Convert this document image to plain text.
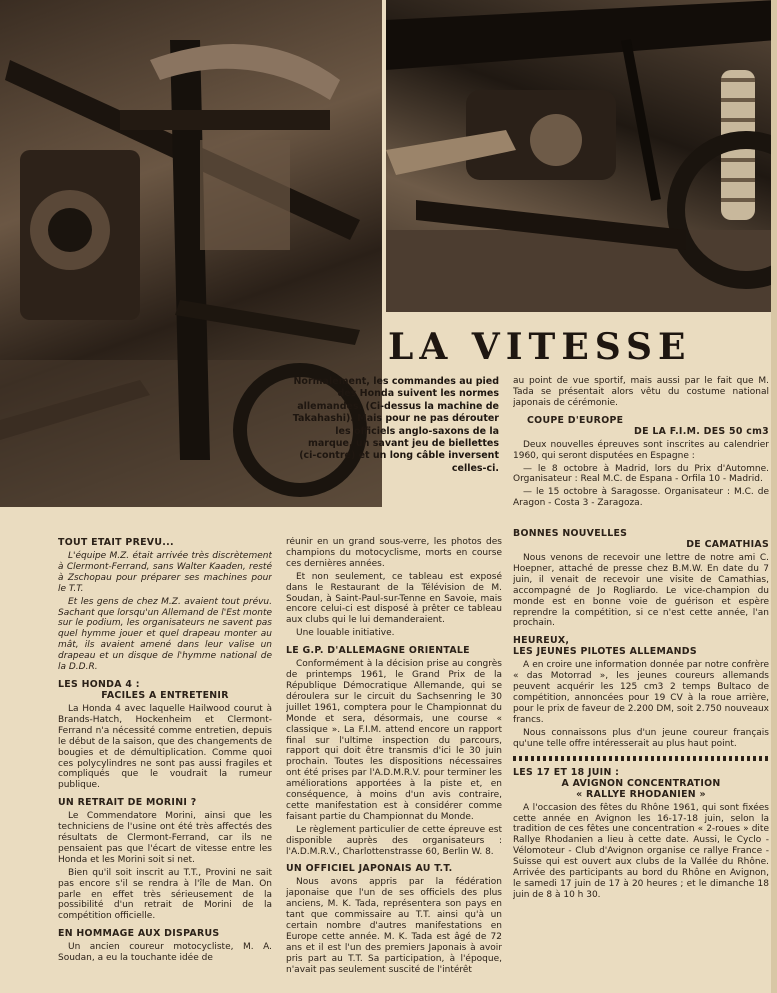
LA VITESSE
Normalement, les commandes au pied des Honda suivent les normes allemandes. (Ci-dessus la machine de Takahashi). Mais pour ne pas dérouter les officiels anglo-saxons de la marque, un savant jeu de biellettes (ci-contre) et un long câble inversent celles-ci.

au point de vue sportif, mais aussi par le fait que M. Tada se présentait alors vêtu du costume national japonais de cérémonie.

COUPE D'EUROPE
DE LA F.I.M. DES 50 cm3

Deux nouvelles épreuves sont inscrites au calendrier 1960, qui seront disputées en Espagne :

— le 8 octobre à Madrid, lors du Prix d'Automne. Organisateur : Real M.C. de Espana - Orfila 10 - Madrid.

— le 15 octobre à Saragosse. Organisateur : M.C. de Aragon - Costa 3 - Zaragoza.

TOUT ETAIT PREVU...

L'équipe M.Z. était arrivée très discrètement à Clermont-Ferrand, sans Walter Kaaden, resté à Zschopau pour préparer ses machines pour le T.T.

Et les gens de chez M.Z. avaient tout prévu. Sachant que lorsqu'un Allemand de l'Est monte sur le podium, les organisateurs ne savent pas quel hymme jouer et quel drapeau monter au mât, ils avaient amené dans leur valise un drapeau et un disque de l'hymme national de la D.D.R.

LES HONDA 4 :
FACILES A ENTRETENIR

La Honda 4 avec laquelle Hailwood courut à Brands-Hatch, Hockenheim et Clermont-Ferrand n'a nécessité comme entretien, depuis le début de la saison, que des changements de bougies et de démultiplication. Comme quoi ces polycylindres ne sont pas aussi fragiles et compliqués que le voudrait la rumeur publique.

UN RETRAIT DE MORINI ?

Le Commendatore Morini, ainsi que les techniciens de l'usine ont été très affectés des résultats de Clermont-Ferrand, car ils ne pensaient pas que l'écart de vitesse entre les Honda et les Morini soit si net.

Bien qu'il soit inscrit au T.T., Provini ne sait pas encore s'il se rendra à l'île de Man. On parle en effet très sérieusement de la possibilité d'un retrait de Morini de la compétition officielle.

EN HOMMAGE AUX DISPARUS

Un ancien coureur motocycliste, M. A. Soudan, a eu la touchante idée de

réunir en un grand sous-verre, les photos des champions du motocyclisme, morts en course ces dernières années.

Et non seulement, ce tableau est exposé dans le Restaurant de la Télévision de M. Soudan, à Saint-Paul-sur-Tenne en Savoie, mais encore celui-ci est disposé à prêter ce tableau aux clubs qui le lui demanderaient.

Une louable initiative.

LE G.P. D'ALLEMAGNE ORIENTALE

Conformément à la décision prise au congrès de printemps 1961, le Grand Prix de la République Démocratique Allemande, qui se déroulera sur le circuit du Sachsenring le 30 juillet 1961, comptera pour le Championnat du Monde et sera, désormais, une course « classique ». La F.I.M. attend encore un rapport final sur l'ultime inspection du parcours, rapport qui doit être transmis d'ici le 30 juin prochain. Toutes les dispositions nécessaires ont été prises par l'A.D.M.R.V. pour terminer les améliorations apportées à la piste et, en conséquence, à moins d'un avis contraire, cette manifestation est à considérer comme faisant partie du Championnat du Monde.

Le règlement particulier de cette épreuve est disponible auprès des organisateurs : l'A.D.M.R.V., Charlottenstrasse 60, Berlin W. 8.

UN OFFICIEL JAPONAIS AU T.T.

Nous avons appris par la fédération japonaise que l'un de ses officiels des plus anciens, M. K. Tada, représentera son pays en tant que commissaire au T.T. ainsi qu'à un certain nombre d'autres manifestations en Europe cette année. M. K. Tada est âgé de 72 ans et il est l'un des premiers Japonais à avoir pris part au T.T. Sa participation, à l'époque, n'avait pas seulement suscité de l'intérêt

BONNES NOUVELLES
DE CAMATHIAS

Nous venons de recevoir une lettre de notre ami C. Hoepner, attaché de presse chez B.M.W. En date du 7 juin, il venait de recevoir une visite de Camathias, accompagné de Jo Rogliardo. Le vice-champion du monde est en bonne voie de guérison et espère reprendre la compétition, si ce n'est cette année, l'an prochain.

HEUREUX,
LES JEUNES PILOTES ALLEMANDS

A en croire une information donnée par notre confrère « das Motorrad », les jeunes coureurs allemands peuvent acquérir les 125 cm3 2 temps Bultaco de compétition, annoncées pour 19 CV à la roue arrière, pour le prix de faveur de 2.200 DM, soit 2.750 nouveaux francs.

Nous connaissons plus d'un jeune coureur français qu'une telle offre intéresserait au plus haut point.

LES 17 ET 18 JUIN :
A AVIGNON CONCENTRATION
« RALLYE RHODANIEN »

A l'occasion des fêtes du Rhône 1961, qui sont fixées cette année en Avignon les 16-17-18 juin, selon la tradition de ces fêtes une concentration « 2-roues » dite Rallye Rhodanien a lieu à cette date. Aussi, le Cyclo - Vélomoteur - Club d'Avignon organise ce rallye France - Suisse qui est ouvert aux clubs de la Vallée du Rhône. Arrivée des participants au bord du Rhône en Avignon, le samedi 17 juin de 17 à 20 heures ; et le dimanche 18 juin de 8 à 10 h 30.
